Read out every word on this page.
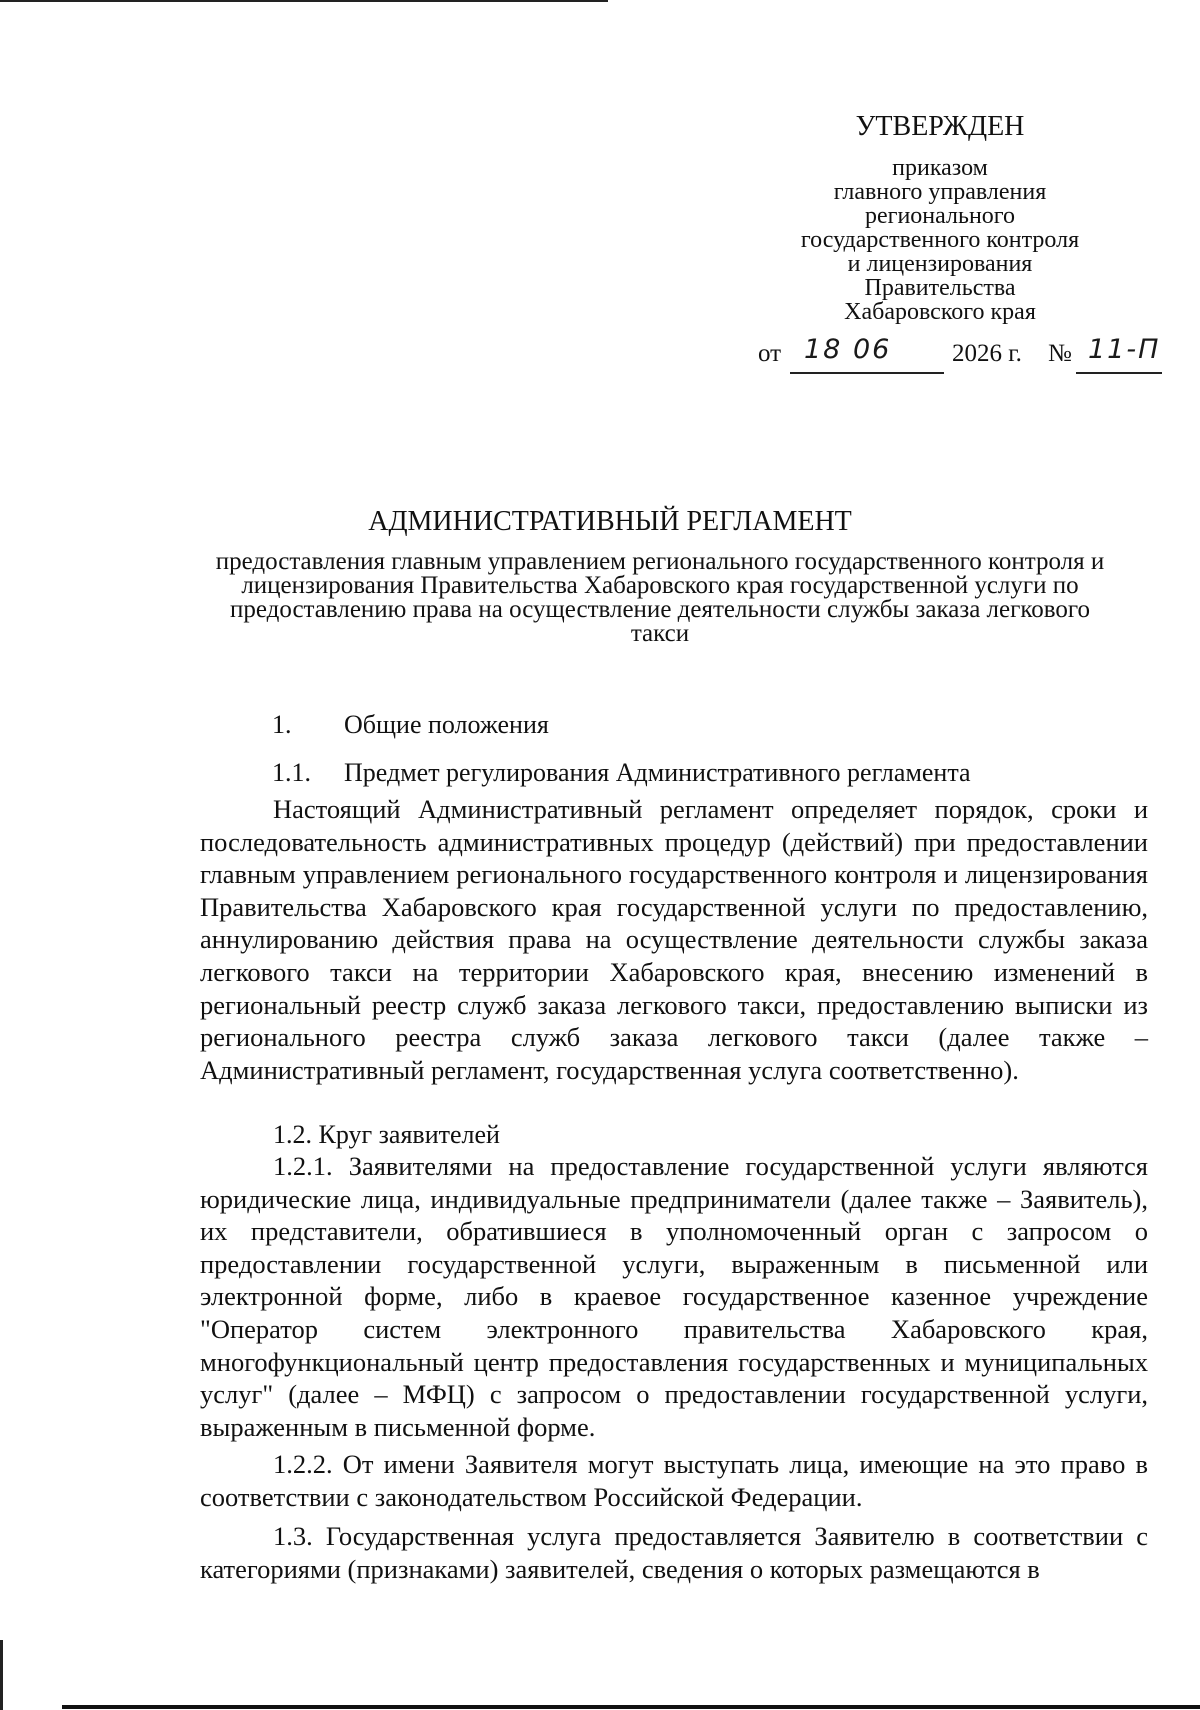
УТВЕРЖДЕН
приказом
главного управления
регионального
государственного контроля
и лицензирования
Правительства
Хабаровского края
от 18 06 2026 г. № 11-П
АДМИНИСТРАТИВНЫЙ РЕГЛАМЕНТ
предоставления главным управлением регионального государственного контроля и лицензирования Правительства Хабаровского края государственной услуги по предоставлению права на осуществление деятельности службы заказа легкового такси
1. Общие положения
1.1. Предмет регулирования Административного регламента
Настоящий Административный регламент определяет порядок, сроки и последовательность административных процедур (действий) при предоставлении главным управлением регионального государственного контроля и лицензирования Правительства Хабаровского края государственной услуги по предоставлению, аннулированию действия права на осуществление деятельности службы заказа легкового такси на территории Хабаровского края, внесению изменений в региональный реестр служб заказа легкового такси, предоставлению выписки из регионального реестра служб заказа легкового такси (далее также – Административный регламент, государственная услуга соответственно).
1.2. Круг заявителей
1.2.1. Заявителями на предоставление государственной услуги являются юридические лица, индивидуальные предприниматели (далее также – Заявитель), их представители, обратившиеся в уполномоченный орган с запросом о предоставлении государственной услуги, выраженным в письменной или электронной форме, либо в краевое государственное казенное учреждение "Оператор систем электронного правительства Хабаровского края, многофункциональный центр предоставления государственных и муниципальных услуг" (далее – МФЦ) с запросом о предоставлении государственной услуги, выраженным в письменной форме.
1.2.2. От имени Заявителя могут выступать лица, имеющие на это право в соответствии с законодательством Российской Федерации.
1.3. Государственная услуга предоставляется Заявителю в соответствии с категориями (признаками) заявителей, сведения о которых размещаются в
